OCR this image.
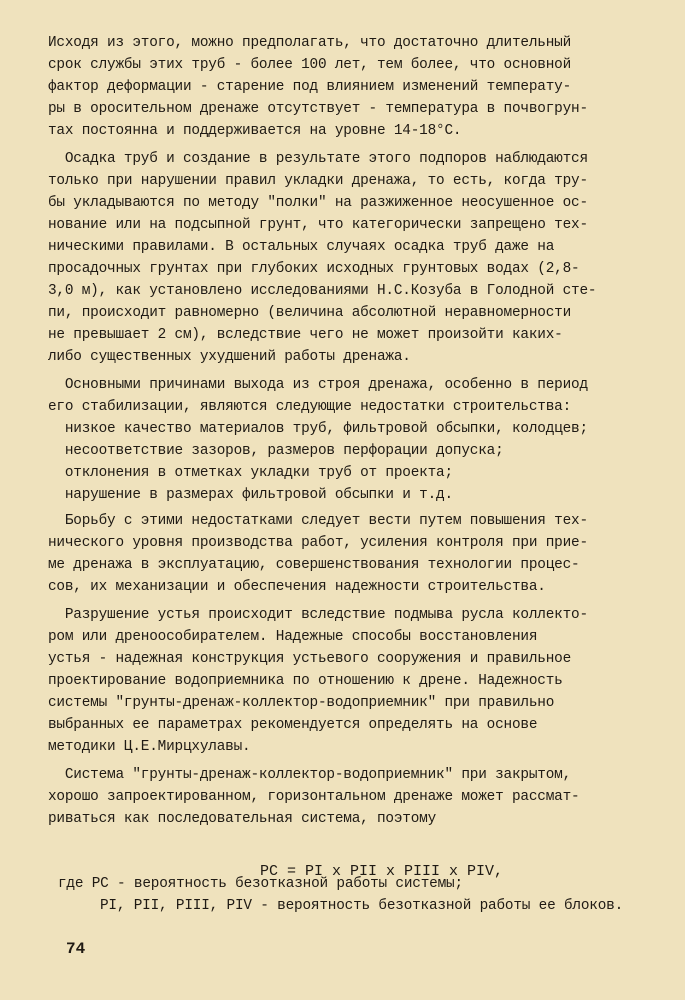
Исходя из этого, можно предполагать, что достаточно длительный
срок службы этих труб - более 100 лет, тем более, что основной
фактор деформации - старение под влиянием изменений температу-
ры в оросительном дренаже отсутствует - температура в почвогрун-
тах постоянна и поддерживается на уровне 14-18°С.
Осадка труб и создание в результате этого подпоров наблюдаются
только при нарушении правил укладки дренажа, то есть, когда тру-
бы укладываются по методу "полки" на разжиженное неосушенное ос-
нование или на подсыпной грунт, что категорически запрещено тех-
ническими правилами. В остальных случаях осадка труб даже на
просадочных грунтах при глубоких исходных грунтовых водах (2,8-
3,0 м), как установлено исследованиями Н.С.Козуба в Голодной сте-
пи, происходит равномерно (величина абсолютной неравномерности
не превышает 2 см), вследствие чего не может произойти каких-
либо существенных ухудшений работы дренажа.
Основными причинами выхода из строя дренажа, особенно в период
его стабилизации, являются следующие недостатки строительства:
низкое качество материалов труб, фильтровой обсыпки, колодцев;
несоответствие зазоров, размеров перфорации допуска;
отклонения в отметках укладки труб от проекта;
нарушение в размерах фильтровой обсыпки и т.д.
Борьбу с этими недостатками следует вести путем повышения тех-
нического уровня производства работ, усиления контроля при прие-
ме дренажа в эксплуатацию, совершенствования технологии процес-
сов, их механизации и обеспечения надежности строительства.
Разрушение устья происходит вследствие подмыва русла коллекто-
ром или дреноособирателем. Надежные способы восстановления
устья - надежная конструкция устьевого сооружения и правильное
проектирование водоприемника по отношению к дрене. Надежность
системы "грунты-дренаж-коллектор-водоприемник" при правильно
выбранных ее параметрах рекомендуется определять на основе
методики Ц.Е.Мирцхулавы.
Система "грунты-дренаж-коллектор-водоприемник" при закрытом,
хорошо запроектированном, горизонтальном дренаже может рассмат-
риваться как последовательная система, поэтому

PC = PI x PII x PIII x PIV,

где PC - вероятность безотказной работы системы;
PI, PII, PIII, PIV - вероятность безотказной работы ее блоков.
74
